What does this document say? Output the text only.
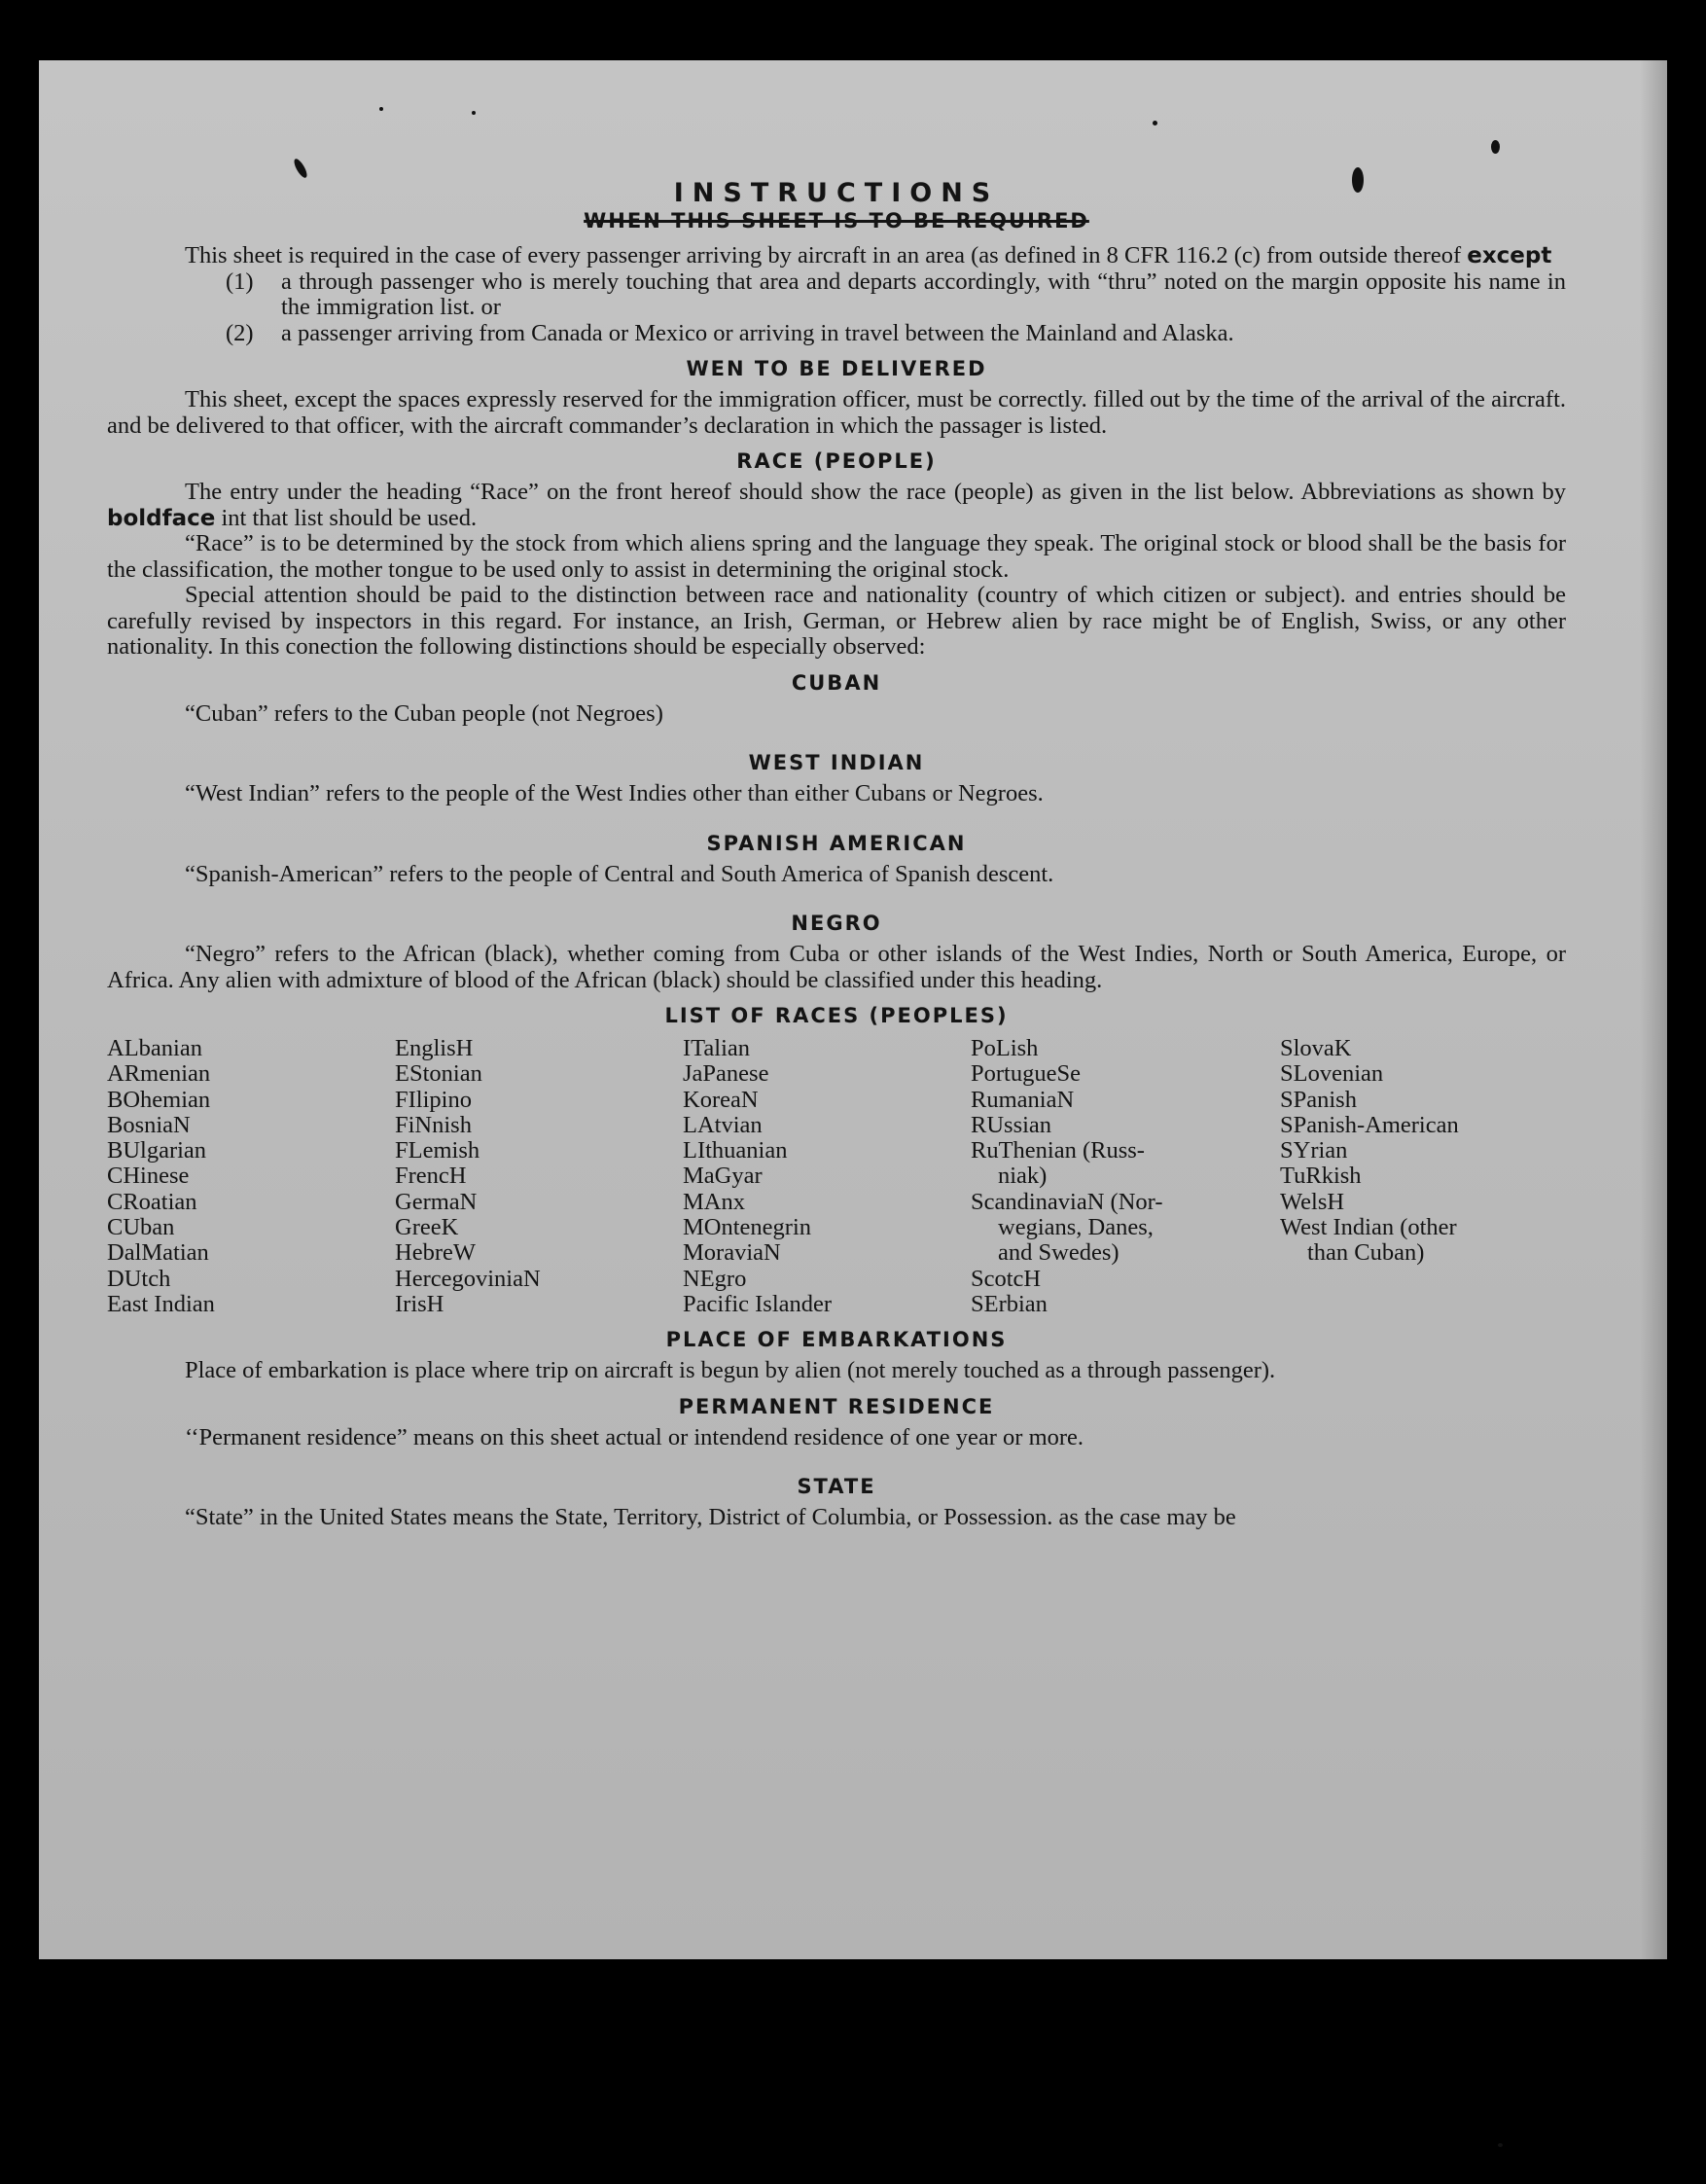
INSTRUCTIONS
WHEN THIS SHEET IS TO BE REQUIRED

This sheet is required in the case of every passenger arriving by aircraft in an area (as defined in 8 CFR 116.2 (c) from outside thereof except

(1)	a through passenger who is merely touching that area and departs accordingly, with “thru” noted on the margin opposite his name in the immigration list. or
(2)	a passenger arriving from Canada or Mexico or arriving in travel between the Mainland and Alaska.
WEN TO BE DELIVERED

This sheet, except the spaces expressly reserved for the immigration officer, must be correctly. filled out by the time of the arrival of the aircraft. and be delivered to that officer, with the aircraft commander’s declaration in which the passager is listed.

RACE (PEOPLE)

The entry under the heading “Race” on the front hereof should show the race (people) as given in the list below. Abbreviations as shown by boldface int that list should be used.

“Race” is to be determined by the stock from which aliens spring and the language they speak. The original stock or blood shall be the basis for the classification, the mother tongue to be used only to assist in determining the original stock.

Special attention should be paid to the distinction between race and nationality (country of which citizen or subject). and entries should be carefully revised by inspectors in this regard. For instance, an Irish, German, or Hebrew alien by race might be of English, Swiss, or any other nationality. In this conection the following distinctions should be especially observed:

CUBAN

“Cuban” refers to the Cuban people (not Negroes)

WEST INDIAN

“West Indian” refers to the people of the West Indies other than either Cubans or Negroes.

SPANISH AMERICAN

“Spanish-American” refers to the people of Central and South America of Spanish descent.

NEGRO

“Negro” refers to the African (black), whether coming from Cuba or other islands of the West Indies, North or South America, Europe, or Africa. Any alien with admixture of blood of the African (black) should be classified under this heading.

LIST OF RACES (PEOPLES)
ALbanian
ARmenian
BOhemian
BosniaN
BUlgarian
CHinese
CRoatian
CUban
DalMatian
DUtch
East Indian
EnglisH
EStonian
FIlipino
FiNnish
FLemish
FrencH
GermaN
GreeK
HebreW
HercegoviniaN
IrisH
ITalian
JaPanese
KoreaN
LAtvian
LIthuanian
MaGyar
MAnx
MOntenegrin
MoraviaN
NEgro
Pacific Islander
PoLish
PortugueSe
RumaniaN
RUssian
RuThenian (Russ-
niak)
ScandinaviaN (Nor-
wegians, Danes,
and Swedes)
ScotcH
SErbian
SlovaK
SLovenian
SPanish
SPanish-American
SYrian
TuRkish
WelsH
West Indian (other
than Cuban)
PLACE OF EMBARKATIONS

Place of embarkation is place where trip on aircraft is begun by alien (not merely touched as a through passenger).

PERMANENT RESIDENCE

‘‘Permanent residence” means on this sheet actual or intendend residence of one year or more.

STATE

“State” in the United States means the State, Territory, District of Columbia, or Possession. as the case may be
